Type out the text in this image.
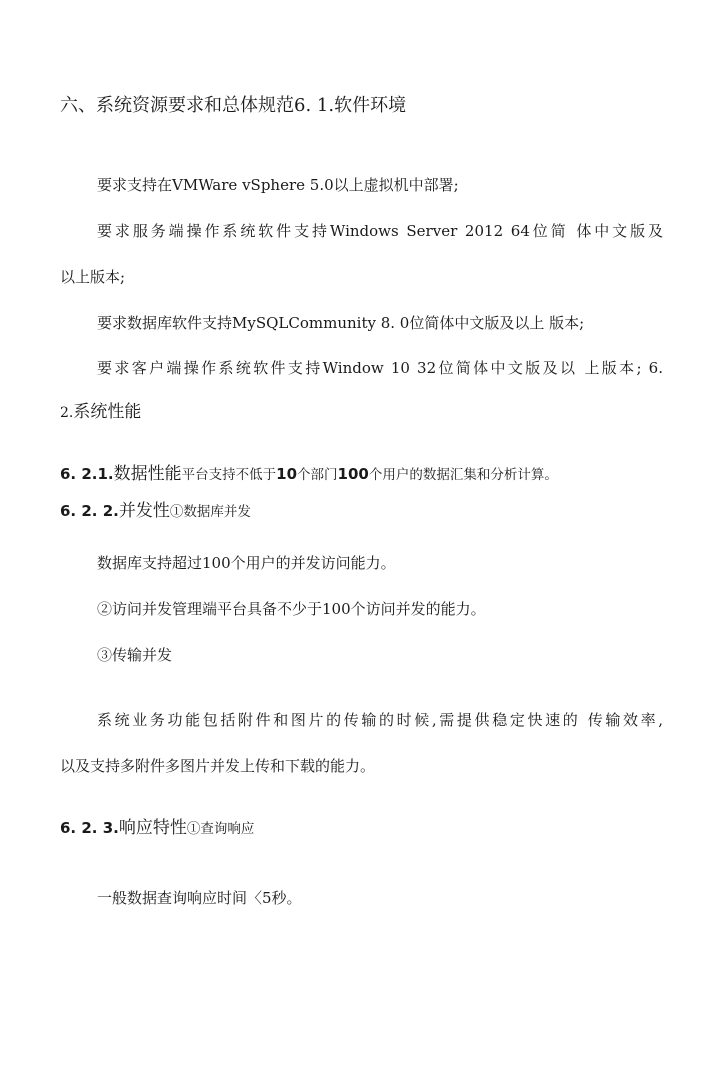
六、系统资源要求和总体规范6. 1.软件环境
要求支持在VMWare vSphere 5.0以上虚拟机中部署;
要求服务端操作系统软件支持Windows Server 2012 64位简 体中文版及
以上版本;
要求数据库软件支持MySQLCommunity 8. 0位简体中文版及以上 版本;
要求客户端操作系统软件支持Window 10 32位简体中文版及以 上版本; 6.
2.系统性能
6. 2.1.数据性能平台支持不低于10个部门100个用户的数据汇集和分析计算。
6. 2. 2.并发性①数据库并发
数据库支持超过100个用户的并发访问能力。
②访问并发管理端平台具备不少于100个访问并发的能力。
③传输并发
系统业务功能包括附件和图片的传输的时候,需提供稳定快速的 传输效率,
以及支持多附件多图片并发上传和下载的能力。
6. 2. 3.响应特性①查询响应
一般数据查询响应时间〈5秒。
